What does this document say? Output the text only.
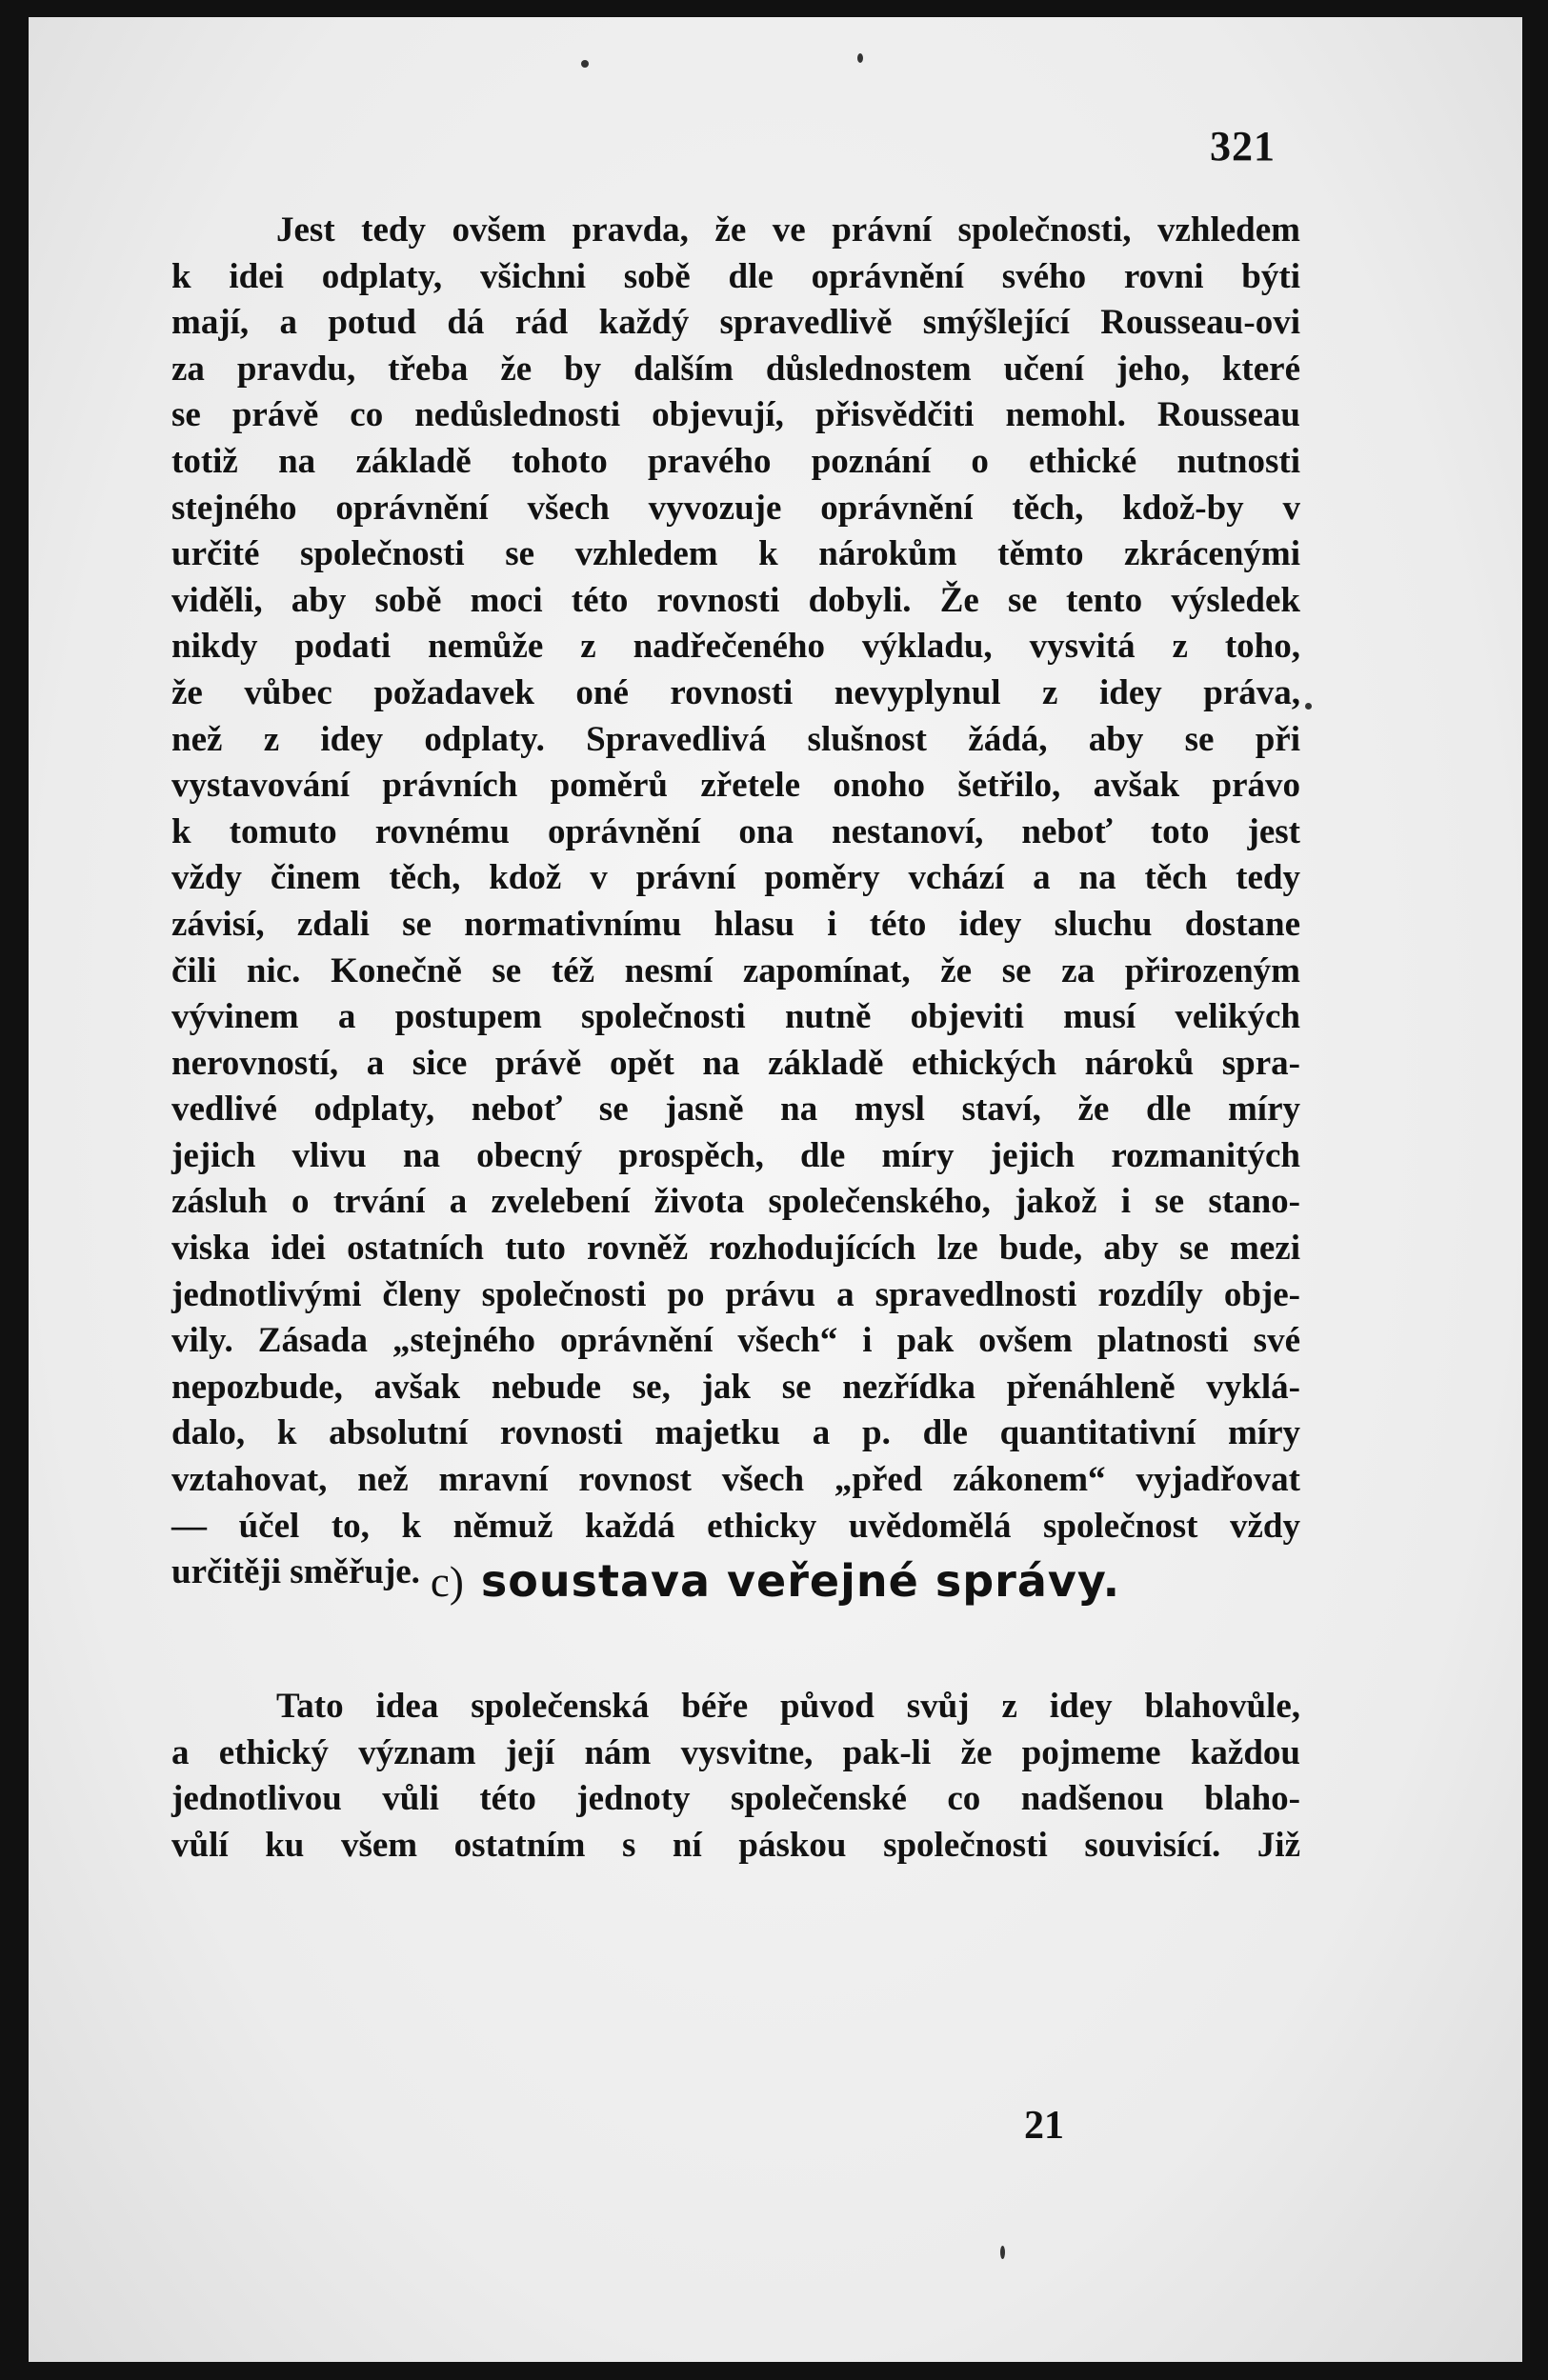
321
Jest tedy ovšem pravda, že ve právní společnosti, vzhledem
k idei odplaty, všichni sobě dle oprávnění svého rovni býti
mají, a potud dá rád každý spravedlivě smýšlející Rousseau-ovi
za pravdu, třeba že by dalším důslednostem učení jeho, které
se právě co nedůslednosti objevují, přisvědčiti nemohl. Rousseau
totiž na základě tohoto pravého poznání o ethické nutnosti
stejného oprávnění všech vyvozuje oprávnění těch, kdož-by v
určité společnosti se vzhledem k nárokům těmto zkrácenými
viděli, aby sobě moci této rovnosti dobyli. Že se tento výsledek
nikdy podati nemůže z nadřečeného výkladu, vysvitá z toho,
že vůbec požadavek oné rovnosti nevyplynul z idey práva,
než z idey odplaty. Spravedlivá slušnost žádá, aby se při
vystavování právních poměrů zřetele onoho šetřilo, avšak právo
k tomuto rovnému oprávnění ona nestanoví, neboť toto jest
vždy činem těch, kdož v právní poměry vchází a na těch tedy
závisí, zdali se normativnímu hlasu i této idey sluchu dostane
čili nic. Konečně se též nesmí zapomínat, že se za přirozeným
vývinem a postupem společnosti nutně objeviti musí velikých
nerovností, a sice právě opět na základě ethických nároků spra-
vedlivé odplaty, neboť se jasně na mysl staví, že dle míry
jejich vlivu na obecný prospěch, dle míry jejich rozmanitých
zásluh o trvání a zvelebení života společenského, jakož i se stano-
viska idei ostatních tuto rovněž rozhodujících lze bude, aby se mezi
jednotlivými členy společnosti po právu a spravedlnosti rozdíly obje-
vily. Zásada „stejného oprávnění všech“ i pak ovšem platnosti své
nepozbude, avšak nebude se, jak se nezřídka přenáhleně vyklá-
dalo, k absolutní rovnosti majetku a p. dle quantitativní míry
vztahovat, než mravní rovnost všech „před zákonem“ vyjadřovat
— účel to, k němuž každá ethicky uvědomělá společnost vždy
určitěji směřuje. c) soustava veřejné správy.
Tato idea společenská béře původ svůj z idey blahovůle,
a ethický význam její nám vysvitne, pak-li že pojmeme každou
jednotlivou vůli této jednoty společenské co nadšenou blaho-
vůlí ku všem ostatním s ní páskou společnosti souvisící. Již
21
